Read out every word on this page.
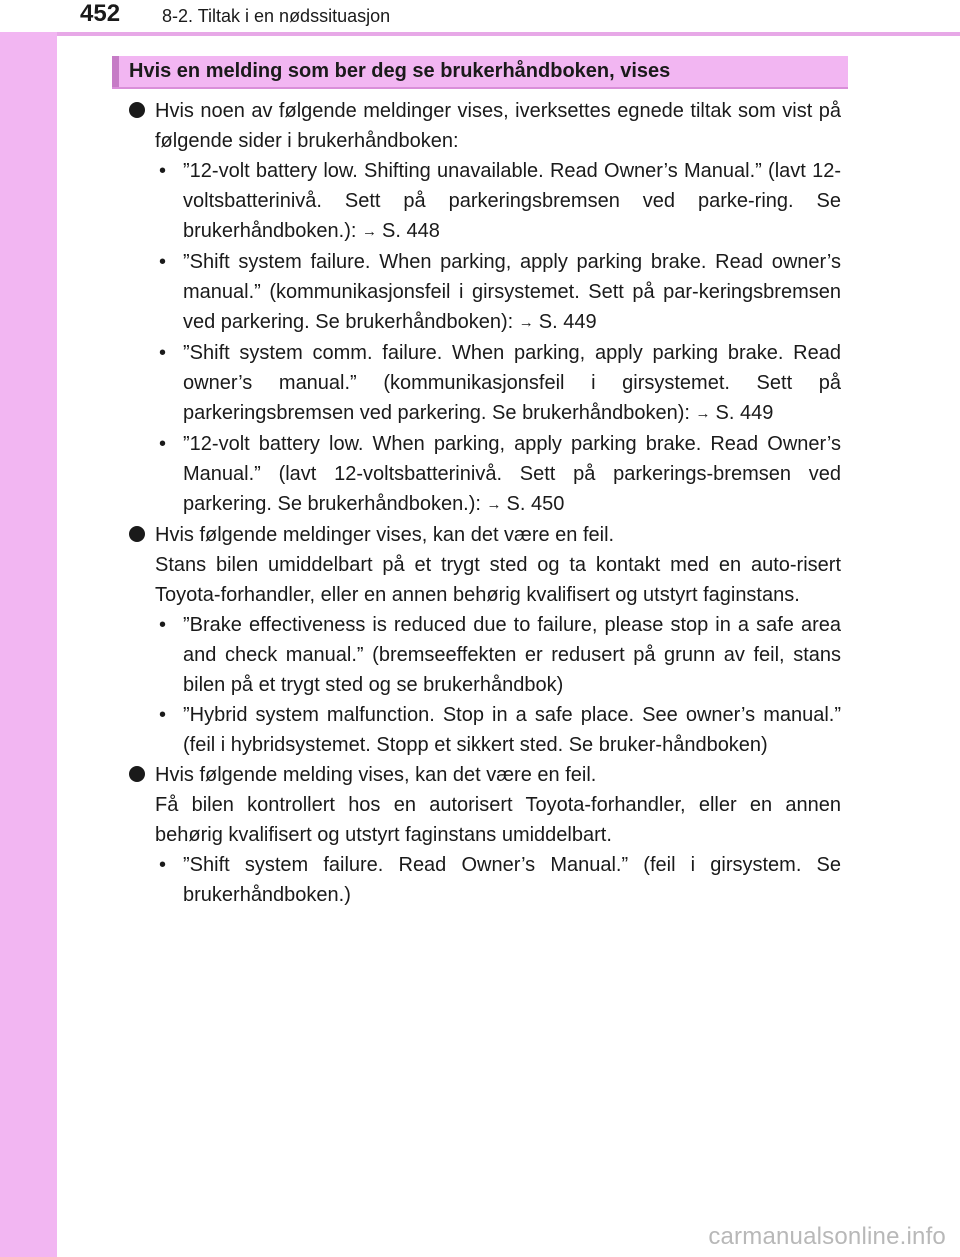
452	8-2. Tiltak i en nødssituasjon
Hvis en melding som ber deg se brukerhåndboken, vises

Hvis noen av følgende meldinger vises, iverksettes egnede tiltak som vist på følgende sider i brukerhåndboken:

• ”12-volt battery low. Shifting unavailable. Read Owner’s Manual.” (lavt 12-voltsbatterinivå. Sett på parkeringsbremsen ved parke-ring. Se brukerhåndboken.): → S. 448
• ”Shift system failure. When parking, apply parking brake. Read owner’s manual.” (kommunikasjonsfeil i girsystemet. Sett på par-keringsbremsen ved parkering. Se brukerhåndboken): → S. 449
• ”Shift system comm. failure. When parking, apply parking brake. Read owner’s manual.” (kommunikasjonsfeil i girsystemet. Sett på parkeringsbremsen ved parkering. Se brukerhåndboken): → S. 449
• ”12-volt battery low. When parking, apply parking brake. Read Owner’s Manual.” (lavt 12-voltsbatterinivå. Sett på parkerings-bremsen ved parkering. Se brukerhåndboken.): → S. 450

Hvis følgende meldinger vises, kan det være en feil.

Stans bilen umiddelbart på et trygt sted og ta kontakt med en auto-risert Toyota-forhandler, eller en annen behørig kvalifisert og utstyrt faginstans.

• ”Brake effectiveness is reduced due to failure, please stop in a safe area and check manual.” (bremseeffekten er redusert på grunn av feil, stans bilen på et trygt sted og se brukerhåndbok)
• ”Hybrid system malfunction. Stop in a safe place. See owner’s manual.” (feil i hybridsystemet. Stopp et sikkert sted. Se bruker-håndboken)

Hvis følgende melding vises, kan det være en feil.

Få bilen kontrollert hos en autorisert Toyota-forhandler, eller en annen behørig kvalifisert og utstyrt faginstans umiddelbart.

• ”Shift system failure. Read Owner’s Manual.” (feil i girsystem. Se brukerhåndboken.)
carmanualsonline.info
